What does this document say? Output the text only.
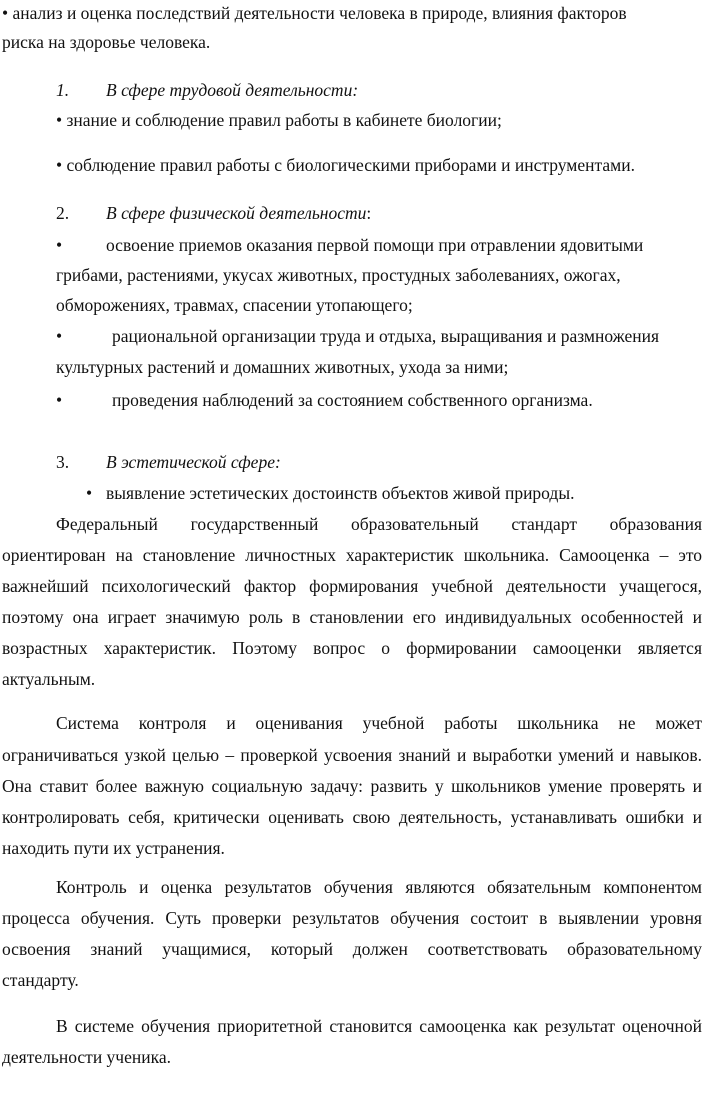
• анализ и оценка последствий деятельности человека в природе, влияния факторов
риска на здоровье человека.
1. В сфере трудовой деятельности:
• знание и соблюдение правил работы в кабинете биологии;
• соблюдение правил работы с биологическими приборами и инструментами.
2. В сфере физической деятельности:
•	освоение приемов оказания первой помощи при отравлении ядовитыми
грибами, растениями, укусах животных, простудных заболеваниях, ожогах,
обморожениях, травмах, спасении утопающего;
•	рациональной организации труда и отдыха, выращивания и размножения
культурных растений и домашних животных, ухода за ними;
•	проведения наблюдений за состоянием собственного организма.
3. В эстетической сфере:
• выявление эстетических достоинств объектов живой природы.
Федеральный государственный образовательный стандарт образования
ориентирован на становление личностных характеристик школьника. Самооценка – это
важнейший психологический фактор формирования учебной деятельности учащегося,
поэтому она играет значимую роль в становлении его индивидуальных особенностей и
возрастных характеристик. Поэтому вопрос о формировании самооценки является
актуальным.
Система контроля и оценивания учебной работы школьника не может
ограничиваться узкой целью – проверкой усвоения знаний и выработки умений и навыков.
Она ставит более важную социальную задачу: развить у школьников умение проверять и
контролировать себя, критически оценивать свою деятельность, устанавливать ошибки и
находить пути их устранения.
Контроль и оценка результатов обучения являются обязательным компонентом
процесса обучения. Суть проверки результатов обучения состоит в выявлении уровня
освоения знаний учащимися, который должен соответствовать образовательному
стандарту.
В системе обучения приоритетной становится самооценка как результат оценочной
деятельности ученика.
